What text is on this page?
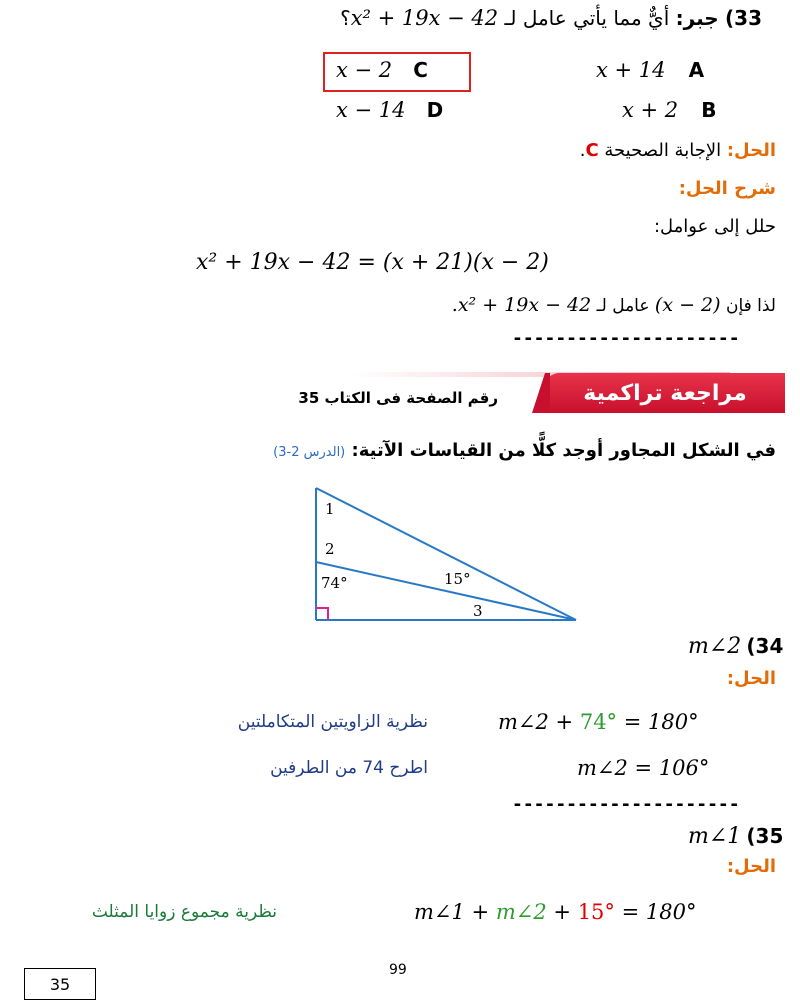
33) جبر: أيٌّ مما يأتي عامل لـ x² + 19x − 42؟
x − 2 C	x + 14 A
x − 14 D	x + 2 B
الحل: الإجابة الصحيحة C.
شرح الحل:
حلل إلى عوامل:
x² + 19x − 42 = (x + 21)(x − 2)
لذا فإن (x − 2) عامل لـ .x² + 19x − 42
---------------------
مراجعة تراكمية
رقم الصفحة فى الكتاب 35
في الشكل المجاور أوجد كلًّا من القياسات الآتية: (الدرس 2-3)
1
2
74°	15°
3
m∠2 (34
الحل:
m∠2 + 74° = 180°
نظرية الزاويتين المتكاملتين
m∠2 = 106°
اطرح 74 من الطرفين
---------------------
m∠1 (35
الحل:
m∠1 + m∠2 + 15° = 180°
نظرية مجموع زوايا المثلث
99
35
